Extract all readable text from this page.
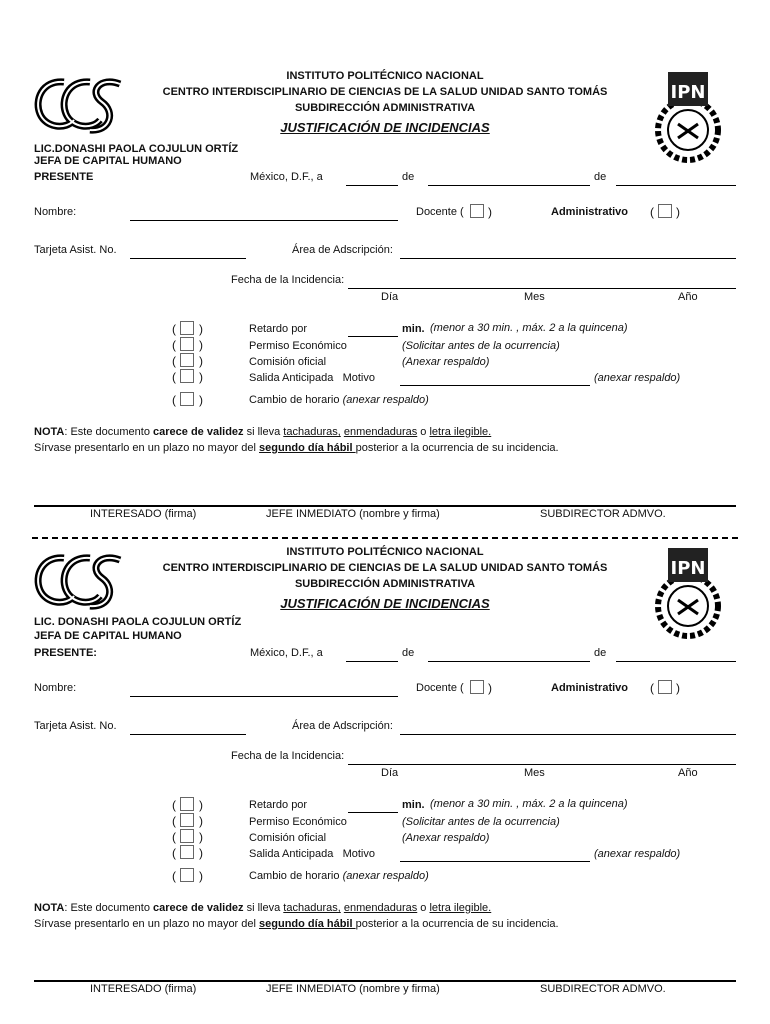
IPN
INSTITUTO POLITÉCNICO NACIONAL
CENTRO INTERDISCIPLINARIO DE CIENCIAS DE LA SALUD UNIDAD SANTO TOMÁS
SUBDIRECCIÓN ADMINISTRATIVA
JUSTIFICACIÓN DE INCIDENCIAS
LIC.DONASHI PAOLA COJULUN ORTÍZ
JEFA DE CAPITAL HUMANO
PRESENTE	México, D.F., a	de	de
Nombre:	Docente ( )	Administrativo ( )
Tarjeta Asist. No.	Área de Adscripción:
Fecha de la Incidencia:
Día	Mes	Año
( )	Retardo por	min. (menor a 30 min. , máx. 2 a la quincena)
( )	Permiso Económico	(Solicitar antes de la ocurrencia)
( )	Comisión oficial	(Anexar respaldo)
( )	Salida Anticipada   Motivo	(anexar respaldo)
( )	Cambio de horario (anexar respaldo)
NOTA: Este documento carece de validez si lleva tachaduras, enmendaduras o letra ilegible.
Sírvase presentarlo en un plazo no mayor del segundo día hábil posterior a la ocurrencia de su incidencia.
INTERESADO (firma)	JEFE INMEDIATO (nombre y firma)	SUBDIRECTOR ADMVO.
IPN
INSTITUTO POLITÉCNICO NACIONAL
CENTRO INTERDISCIPLINARIO DE CIENCIAS DE LA SALUD UNIDAD SANTO TOMÁS
SUBDIRECCIÓN ADMINISTRATIVA
JUSTIFICACIÓN DE INCIDENCIAS
LIC. DONASHI PAOLA COJULUN ORTÍZ
JEFA DE CAPITAL HUMANO
PRESENTE:	México, D.F., a	de	de
Nombre:	Docente ( )	Administrativo ( )
Tarjeta Asist. No.	Área de Adscripción:
Fecha de la Incidencia:
Día	Mes	Año
( )	Retardo por	min. (menor a 30 min. , máx. 2 a la quincena)
( )	Permiso Económico	(Solicitar antes de la ocurrencia)
( )	Comisión oficial	(Anexar respaldo)
( )	Salida Anticipada   Motivo	(anexar respaldo)
( )	Cambio de horario (anexar respaldo)
NOTA: Este documento carece de validez si lleva tachaduras, enmendaduras o letra ilegible.
Sírvase presentarlo en un plazo no mayor del segundo día hábil posterior a la ocurrencia de su incidencia.
INTERESADO (firma)	JEFE INMEDIATO (nombre y firma)	SUBDIRECTOR ADMVO.
